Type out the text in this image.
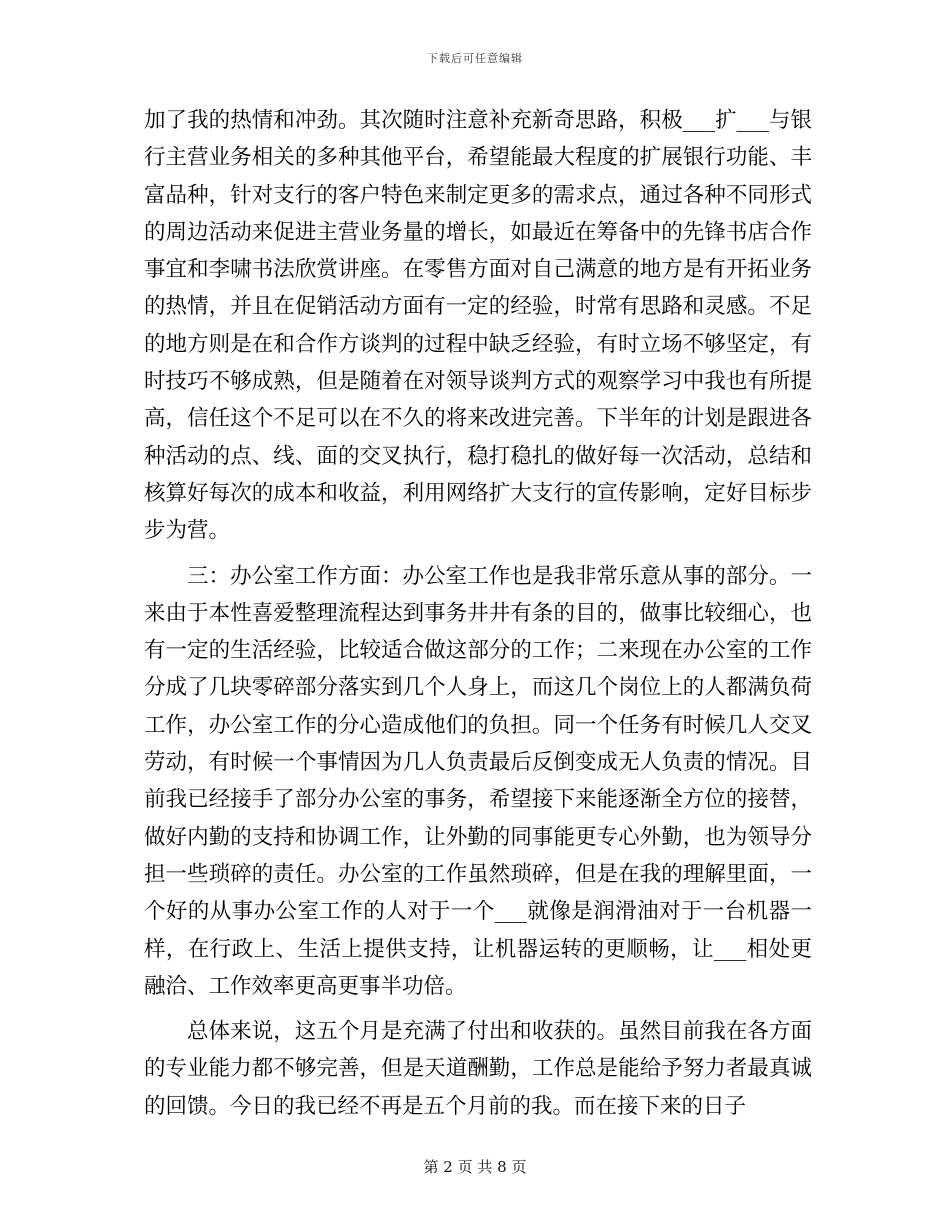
下载后可任意编辑

加了我的热情和冲劲。其次随时注意补充新奇思路，积极___扩___与银行主营业务相关的多种其他平台，希望能最大程度的扩展银行功能、丰富品种，针对支行的客户特色来制定更多的需求点，通过各种不同形式的周边活动来促进主营业务量的增长，如最近在筹备中的先锋书店合作事宜和李啸书法欣赏讲座。在零售方面对自己满意的地方是有开拓业务的热情，并且在促销活动方面有一定的经验，时常有思路和灵感。不足的地方则是在和合作方谈判的过程中缺乏经验，有时立场不够坚定，有时技巧不够成熟，但是随着在对领导谈判方式的观察学习中我也有所提高，信任这个不足可以在不久的将来改进完善。下半年的计划是跟进各种活动的点、线、面的交叉执行，稳打稳扎的做好每一次活动，总结和核算好每次的成本和收益，利用网络扩大支行的宣传影响，定好目标步步为营。

三：办公室工作方面：办公室工作也是我非常乐意从事的部分。一来由于本性喜爱整理流程达到事务井井有条的目的，做事比较细心，也有一定的生活经验，比较适合做这部分的工作；二来现在办公室的工作分成了几块零碎部分落实到几个人身上，而这几个岗位上的人都满负荷工作，办公室工作的分心造成他们的负担。同一个任务有时候几人交叉劳动，有时候一个事情因为几人负责最后反倒变成无人负责的情况。目前我已经接手了部分办公室的事务，希望接下来能逐渐全方位的接替，做好内勤的支持和协调工作，让外勤的同事能更专心外勤，也为领导分担一些琐碎的责任。办公室的工作虽然琐碎，但是在我的理解里面，一个好的从事办公室工作的人对于一个___就像是润滑油对于一台机器一样，在行政上、生活上提供支持，让机器运转的更顺畅，让___相处更融洽、工作效率更高更事半功倍。

总体来说，这五个月是充满了付出和收获的。虽然目前我在各方面的专业能力都不够完善，但是天道酬勤，工作总是能给予努力者最真诚的回馈。今日的我已经不再是五个月前的我。而在接下来的日子

第 2 页 共 8 页
